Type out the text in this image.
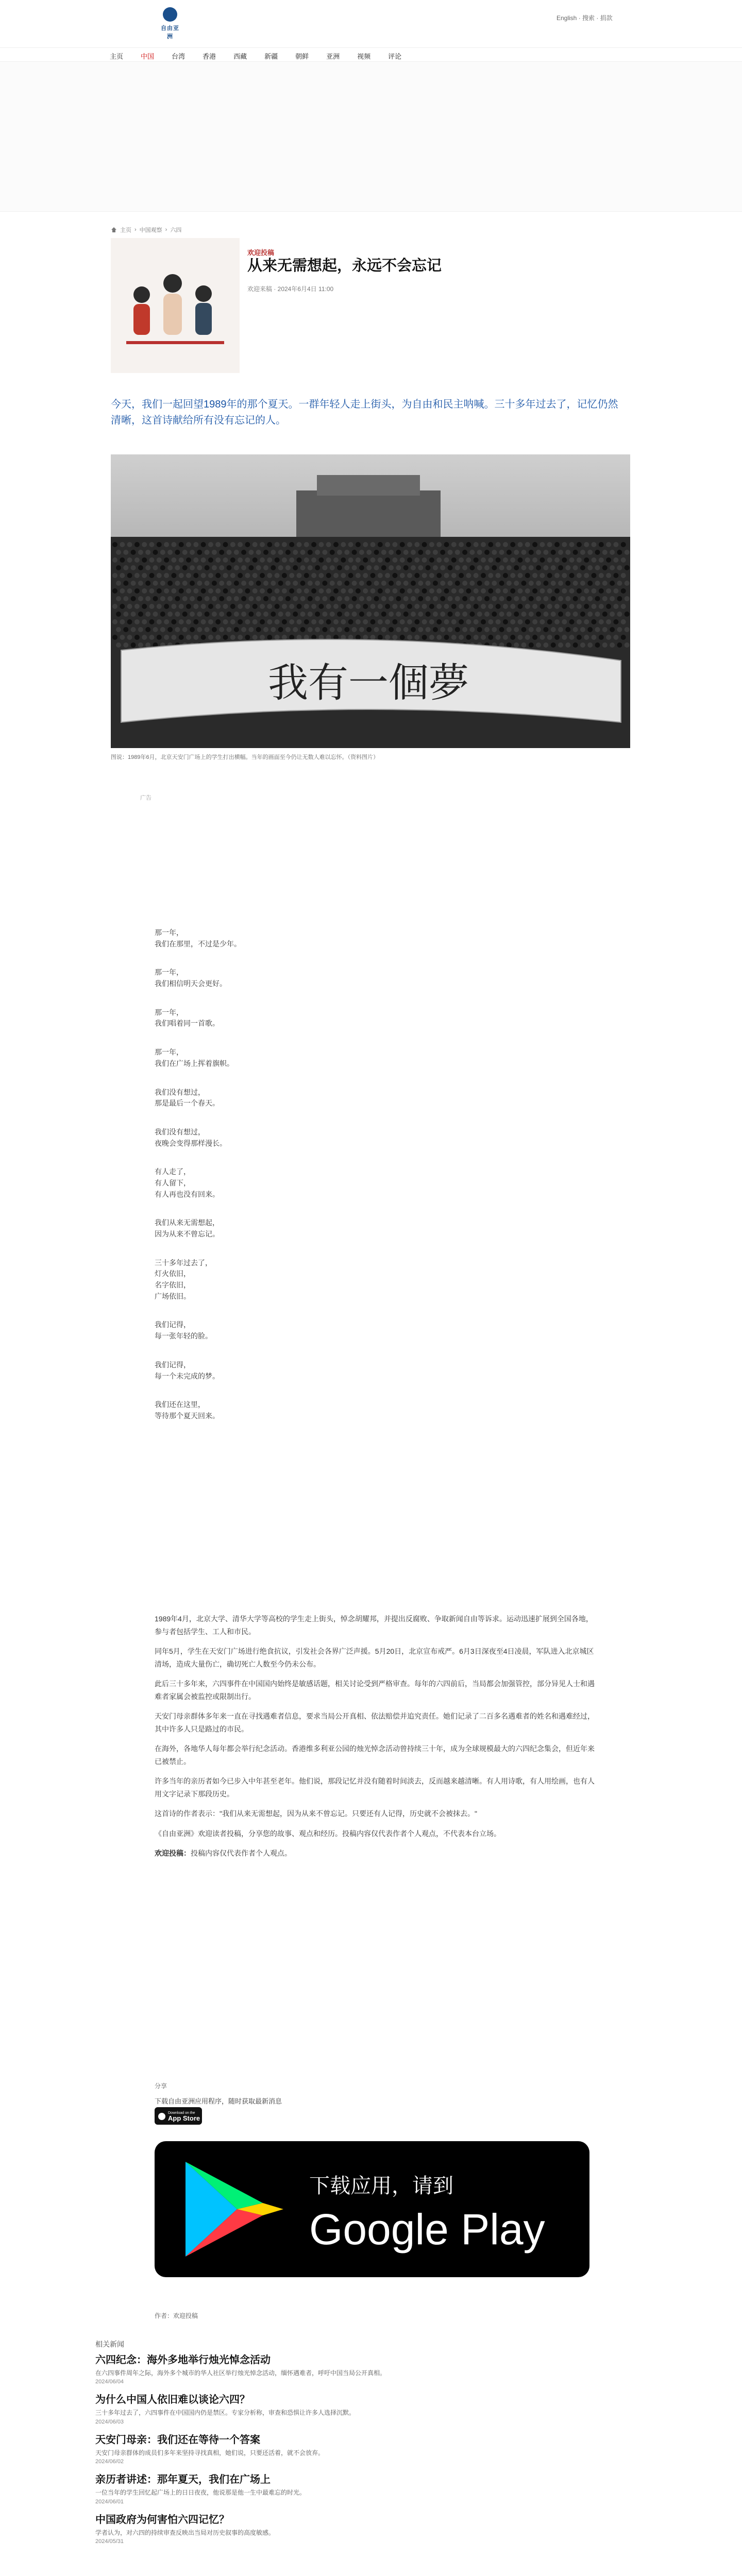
自由亚洲
English · 搜索 · 捐款
主页	中国	台湾	香港	西藏	新疆	朝鲜	亚洲	视频	评论
主页 › 中国观察 › 六四
欢迎投稿
从来无需想起，永远不会忘记
欢迎来稿 · 2024年6月4日 11:00
今天，我们一起回望1989年的那个夏天。一群年轻人走上街头，为自由和民主呐喊。三十多年过去了，记忆仍然清晰，这首诗献给所有没有忘记的人。
我有一個夢
图说：1989年6月，北京天安门广场上的学生打出横幅。当年的画面至今仍让无数人难以忘怀。（资料图片）
广告

那一年，

我们在那里，不过是少年。

那一年，

我们相信明天会更好。

那一年，

我们唱着同一首歌。

那一年，

我们在广场上挥着旗帜。

我们没有想过，

那是最后一个春天。

我们没有想过，

夜晚会变得那样漫长。

有人走了，

有人留下，

有人再也没有回来。

我们从来无需想起，

因为从来不曾忘记。

三十多年过去了，

灯火依旧，

名字依旧，

广场依旧。

我们记得，

每一张年轻的脸。

我们记得，

每一个未完成的梦。

我们还在这里，

等待那个夏天回来。

1989年4月，北京大学、清华大学等高校的学生走上街头，悼念胡耀邦，并提出反腐败、争取新闻自由等诉求。运动迅速扩展到全国各地，参与者包括学生、工人和市民。

同年5月，学生在天安门广场进行绝食抗议，引发社会各界广泛声援。5月20日，北京宣布戒严。6月3日深夜至4日凌晨，军队进入北京城区清场，造成大量伤亡，确切死亡人数至今仍未公布。

此后三十多年来，六四事件在中国国内始终是敏感话题，相关讨论受到严格审查。每年的六四前后，当局都会加强管控，部分异见人士和遇难者家属会被监控或限制出行。

天安门母亲群体多年来一直在寻找遇难者信息，要求当局公开真相、依法赔偿并追究责任。她们记录了二百多名遇难者的姓名和遇难经过，其中许多人只是路过的市民。

在海外，各地华人每年都会举行纪念活动。香港维多利亚公园的烛光悼念活动曾持续三十年，成为全球规模最大的六四纪念集会，但近年来已被禁止。

许多当年的亲历者如今已步入中年甚至老年。他们说，那段记忆并没有随着时间淡去，反而越来越清晰。有人用诗歌，有人用绘画，也有人用文字记录下那段历史。

这首诗的作者表示："我们从来无需想起，因为从来不曾忘记。只要还有人记得，历史就不会被抹去。"

《自由亚洲》欢迎读者投稿，分享您的故事、观点和经历。投稿内容仅代表作者个人观点，不代表本台立场。

欢迎投稿：投稿内容仅代表作者个人观点。

分享
下载自由亚洲应用程序，随时获取最新消息
Download on the
App Store
下载应用，请到
Google Play
作者：欢迎投稿
相关新闻
六四纪念：海外多地举行烛光悼念活动
在六四事件周年之际，海外多个城市的华人社区举行烛光悼念活动，缅怀遇难者，呼吁中国当局公开真相。
2024/06/04
为什么中国人依旧难以谈论六四？
三十多年过去了，六四事件在中国国内仍是禁区。专家分析称，审查和恐惧让许多人选择沉默。
2024/06/03
天安门母亲：我们还在等待一个答案
天安门母亲群体的成员们多年来坚持寻找真相，她们说，只要还活着，就不会放弃。
2024/06/02
亲历者讲述：那年夏天，我们在广场上
一位当年的学生回忆起广场上的日日夜夜，他说那是他一生中最难忘的时光。
2024/06/01
中国政府为何害怕六四记忆？
学者认为，对六四的持续审查反映出当局对历史叙事的高度敏感。
2024/05/31
